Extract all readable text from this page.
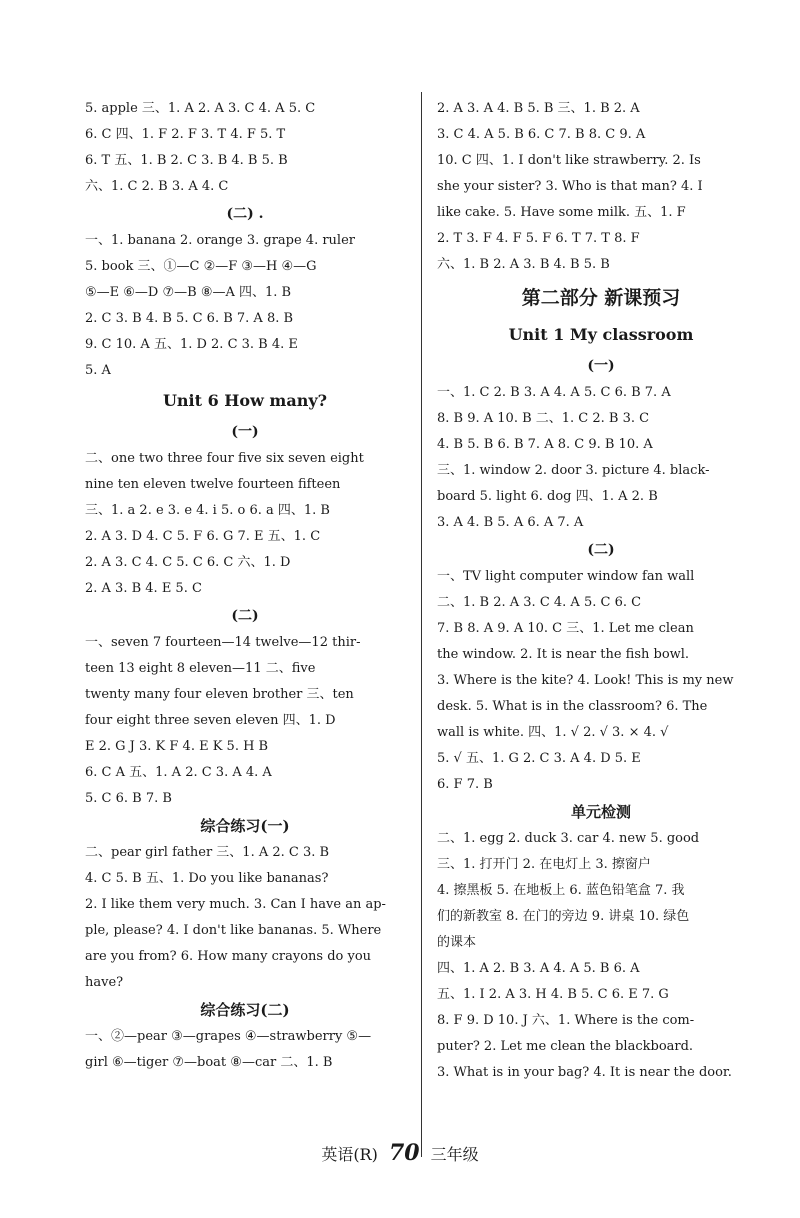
5. apple 三、1. A 2. A 3. C 4. A 5. C
6. C 四、1. F 2. F 3. T 4. F 5. T
6. T 五、1. B 2. C 3. B 4. B 5. B
六、1. C 2. B 3. A 4. C
(二) .
一、1. banana 2. orange 3. grape 4. ruler
5. book 三、①—C ②—F ③—H ④—G
⑤—E ⑥—D ⑦—B ⑧—A 四、1. B
2. C 3. B 4. B 5. C 6. B 7. A 8. B
9. C 10. A 五、1. D 2. C 3. B 4. E
5. A
Unit 6 How many?
(一)
二、one two three four five six seven eight
nine ten eleven twelve fourteen fifteen
三、1. a 2. e 3. e 4. i 5. o 6. a 四、1. B
2. A 3. D 4. C 5. F 6. G 7. E 五、1. C
2. A 3. C 4. C 5. C 6. C 六、1. D
2. A 3. B 4. E 5. C
(二)
一、seven 7 fourteen—14 twelve—12 thir-
teen 13 eight 8 eleven—11 二、five
twenty many four eleven brother 三、ten
four eight three seven eleven 四、1. D
E 2. G J 3. K F 4. E K 5. H B
6. C A 五、1. A 2. C 3. A 4. A
5. C 6. B 7. B
综合练习(一)
二、pear girl father 三、1. A 2. C 3. B
4. C 5. B 五、1. Do you like bananas?
2. I like them very much. 3. Can I have an ap-
ple, please? 4. I don't like bananas. 5. Where
are you from? 6. How many crayons do you
have?
综合练习(二)
一、②—pear ③—grapes ④—strawberry ⑤—
girl ⑥—tiger ⑦—boat ⑧—car 二、1. B
2. A 3. A 4. B 5. B 三、1. B 2. A
3. C 4. A 5. B 6. C 7. B 8. C 9. A
10. C 四、1. I don't like strawberry. 2. Is
she your sister? 3. Who is that man? 4. I
like cake. 5. Have some milk. 五、1. F
2. T 3. F 4. F 5. F 6. T 7. T 8. F
六、1. B 2. A 3. B 4. B 5. B
第二部分 新课预习
Unit 1 My classroom
(一)
一、1. C 2. B 3. A 4. A 5. C 6. B 7. A
8. B 9. A 10. B 二、1. C 2. B 3. C
4. B 5. B 6. B 7. A 8. C 9. B 10. A
三、1. window 2. door 3. picture 4. black-
board 5. light 6. dog 四、1. A 2. B
3. A 4. B 5. A 6. A 7. A
(二)
一、TV light computer window fan wall
二、1. B 2. A 3. C 4. A 5. C 6. C
7. B 8. A 9. A 10. C 三、1. Let me clean
the window. 2. It is near the fish bowl.
3. Where is the kite? 4. Look! This is my new
desk. 5. What is in the classroom? 6. The
wall is white. 四、1. √ 2. √ 3. × 4. √
5. √ 五、1. G 2. C 3. A 4. D 5. E
6. F 7. B
单元检测
二、1. egg 2. duck 3. car 4. new 5. good
三、1. 打开门 2. 在电灯上 3. 擦窗户
4. 擦黑板 5. 在地板上 6. 蓝色铅笔盒 7. 我
们的新教室 8. 在门的旁边 9. 讲桌 10. 绿色
的课本
四、1. A 2. B 3. A 4. A 5. B 6. A
五、1. I 2. A 3. H 4. B 5. C 6. E 7. G
8. F 9. D 10. J 六、1. Where is the com-
puter? 2. Let me clean the blackboard.
3. What is in your bag? 4. It is near the door.
英语(R) 70 三年级
